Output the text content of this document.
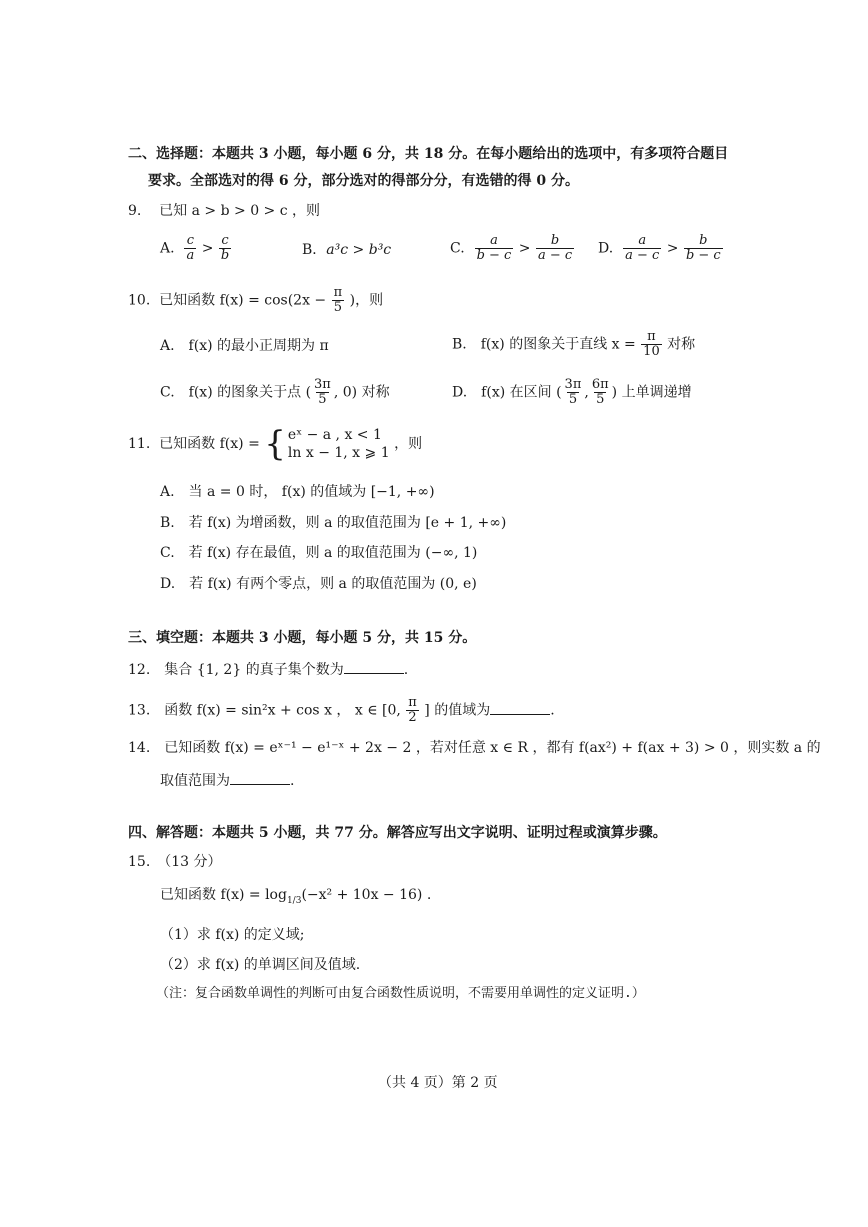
二、选择题：本题共 3 小题，每小题 6 分，共 18 分。在每小题给出的选项中，有多项符合题目
要求。全部选对的得 6 分，部分选对的得部分分，有选错的得 0 分。
9. 已知 a > b > 0 > c ，则
A. $\frac{c}{a} > \frac{c}{b}$	B．a³c > b³c	C. $\frac{a}{b - c} > \frac{b}{a - c} D$. $\frac{a}{a - c} > \frac{b}{b - c}$
10. 已知函数 $f(x) = \cos(2x - \frac{\pi}{5}$ )，则
A.　f(x) 的最小正周期为 π	B.　f(x) 的图象关于直线 $x = \frac{\pi}{10}$ 对称
C.　f(x) 的图象关于点 ( $\frac{3\pi}{5}$ , 0) 对称	D.　f(x) 在区间 ( $\frac{3\pi}{5}$ , $\frac{6\pi}{5}$ ) 上单调递增
11. 已知函数 f(x) = { eˣ − a , x < 1
ln x − 1, x ⩾ 1
，则
A.　当 a = 0 时， f(x) 的值域为 [−1, +∞)
B.　若 f(x) 为增函数，则 a 的取值范围为 [e + 1, +∞)
C.　若 f(x) 存在最值，则 a 的取值范围为 (−∞, 1)
D.　若 f(x) 有两个零点，则 a 的取值范围为 (0, e)
三、填空题：本题共 3 小题，每小题 5 分，共 15 分。
12.　集合 {1, 2} 的真子集个数为	.
13.　函数 f(x) = sin²x + cos x ， x ∈ [0, $\frac{\pi}{2}$ ] 的值域为	.
14.　已知函数 f(x) = eˣ⁻¹ − e¹⁻ˣ + 2x − 2 ，若对任意 x ∈ R ，都有 f(ax²) + f(ax + 3) > 0 ，则实数 a 的
取值范围为	.
四、解答题：本题共 5 小题，共 77 分。解答应写出文字说明、证明过程或演算步骤。
15.　（13 分）
已知函数 $f(x) = \log_{1/3}(-x^2 + 10x - 16)$ .
（1）求 f(x) 的定义域;
（2）求 f(x) 的单调区间及值域.
（注：复合函数单调性的判断可由复合函数性质说明，不需要用单调性的定义证明.）
（共 4 页）第 2 页
